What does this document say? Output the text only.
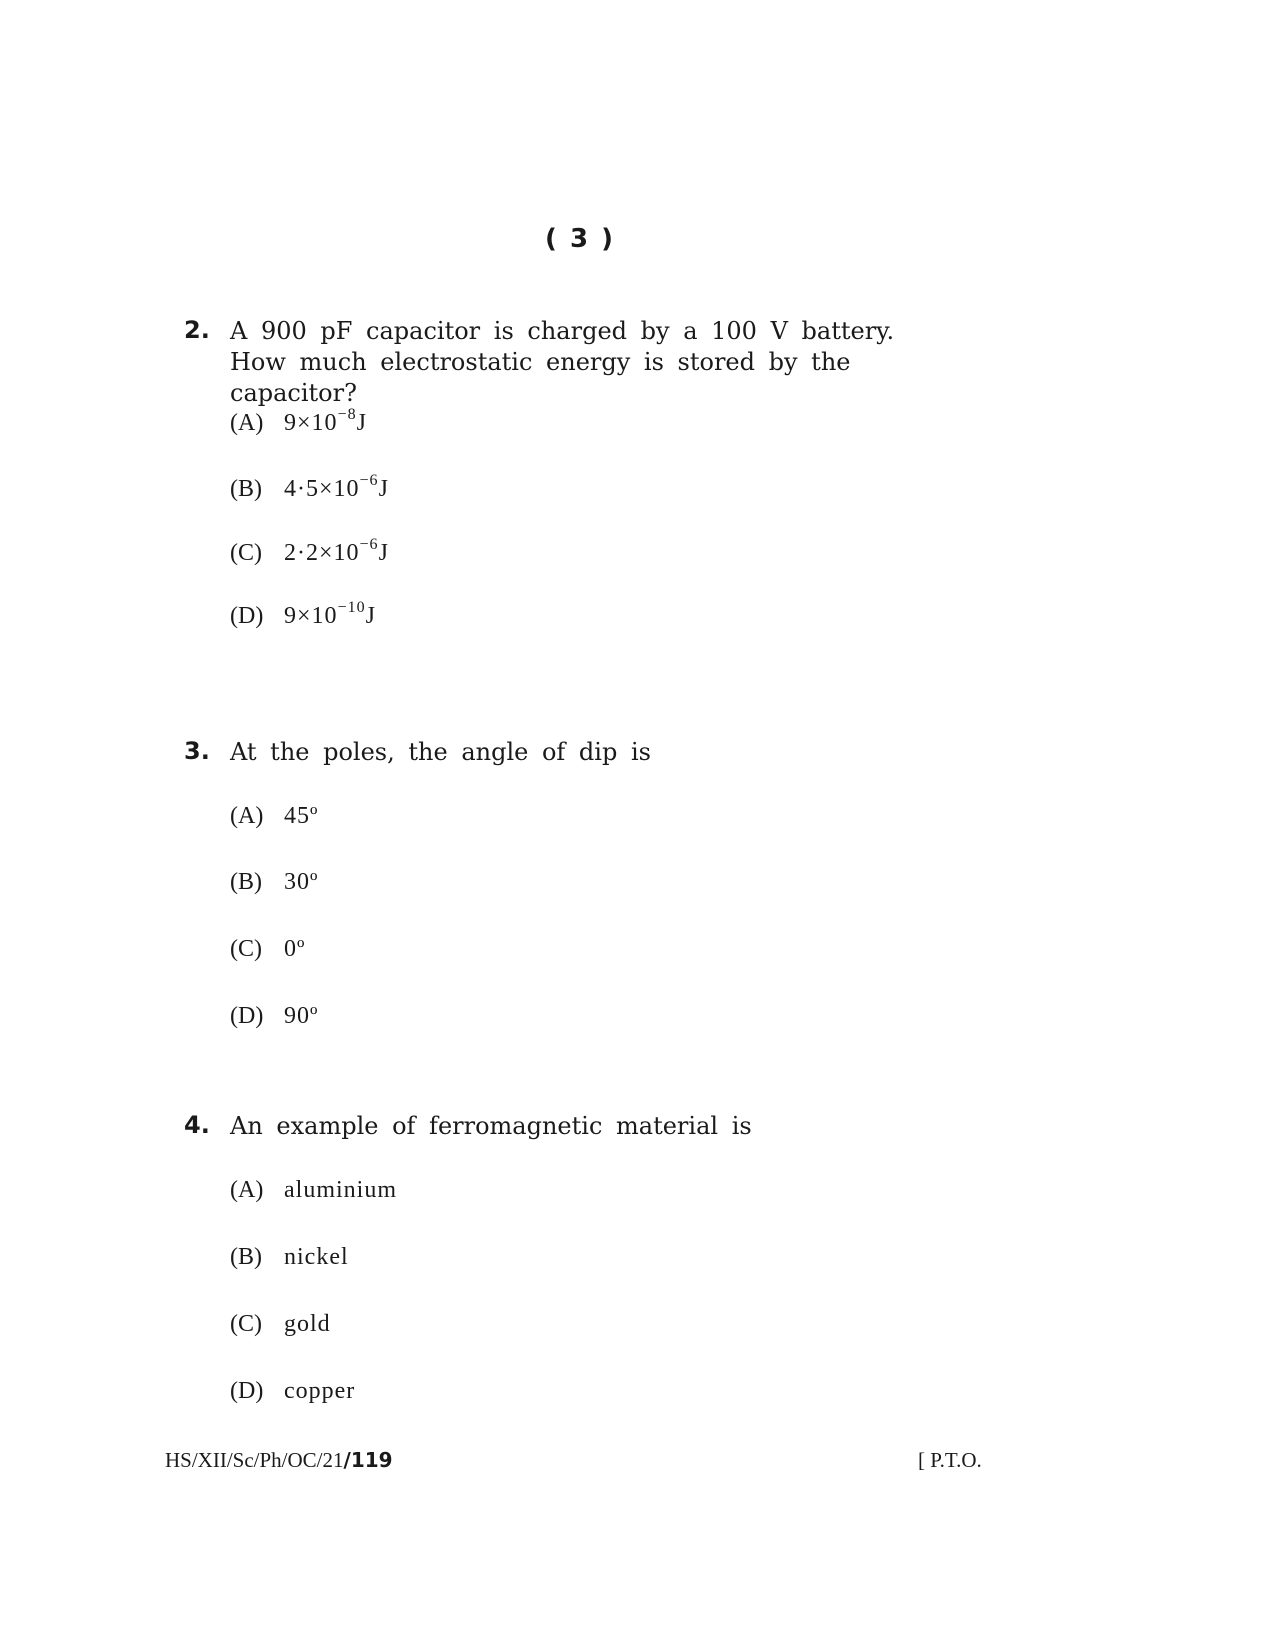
( 3 )
2. A 900 pF capacitor is charged by a 100 V battery. How much electrostatic energy is stored by the capacitor?
(A) $9\times 10^{-8}J$
(B) $4\cdot 5\times 10^{-6}J$
(C) $2\cdot 2\times 10^{-6}J$
(D) $9\times 10^{-10}J$
3. At the poles, the angle of dip is
(A) 45º
(B) 30º
(C) 0º
(D) 90º
4. An example of ferromagnetic material is
(A) aluminium
(B) nickel
(C) gold
(D) copper
HS/XII/Sc/Ph/OC/21/119	[ P.T.O.
